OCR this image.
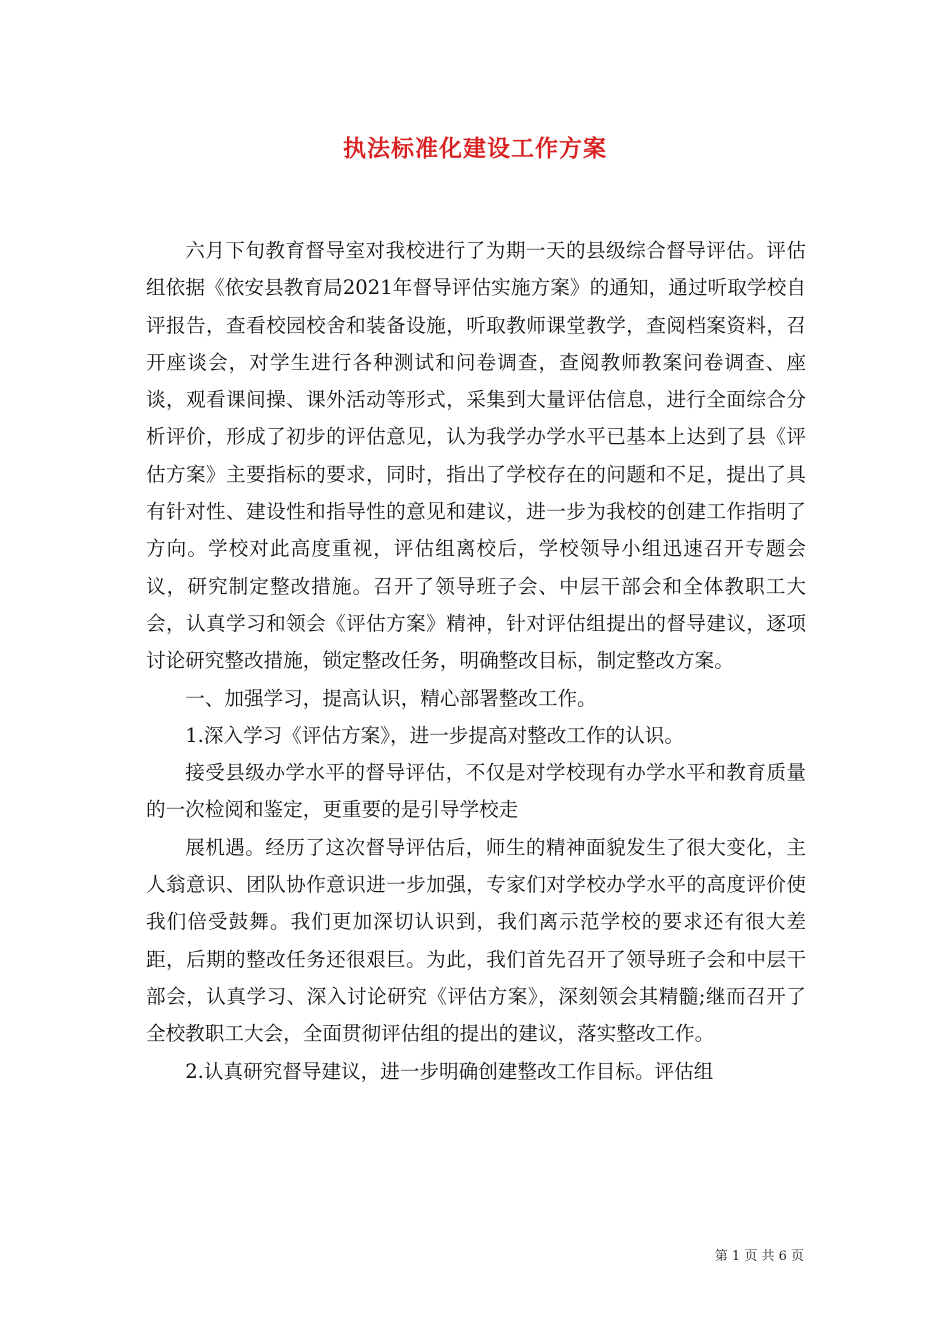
执法标准化建设工作方案

六月下旬教育督导室对我校进行了为期一天的县级综合督导评估。评估组依据《依安县教育局2021年督导评估实施方案》的通知，通过听取学校自评报告，查看校园校舍和装备设施，听取教师课堂教学，查阅档案资料，召开座谈会，对学生进行各种测试和问卷调查，查阅教师教案问卷调查、座谈，观看课间操、课外活动等形式，采集到大量评估信息，进行全面综合分析评价，形成了初步的评估意见，认为我学办学水平已基本上达到了县《评估方案》主要指标的要求，同时，指出了学校存在的问题和不足，提出了具有针对性、建设性和指导性的意见和建议，进一步为我校的创建工作指明了方向。学校对此高度重视，评估组离校后，学校领导小组迅速召开专题会议，研究制定整改措施。召开了领导班子会、中层干部会和全体教职工大会，认真学习和领会《评估方案》精神，针对评估组提出的督导建议，逐项讨论研究整改措施，锁定整改任务，明确整改目标，制定整改方案。

一、加强学习，提高认识，精心部署整改工作。

1.深入学习《评估方案》，进一步提高对整改工作的认识。

接受县级办学水平的督导评估，不仅是对学校现有办学水平和教育质量的一次检阅和鉴定，更重要的是引导学校走

展机遇。经历了这次督导评估后，师生的精神面貌发生了很大变化，主人翁意识、团队协作意识进一步加强，专家们对学校办学水平的高度评价使我们倍受鼓舞。我们更加深切认识到，我们离示范学校的要求还有很大差距，后期的整改任务还很艰巨。为此，我们首先召开了领导班子会和中层干部会，认真学习、深入讨论研究《评估方案》，深刻领会其精髓;继而召开了全校教职工大会，全面贯彻评估组的提出的建议，落实整改工作。

2.认真研究督导建议，进一步明确创建整改工作目标。评估组

第 1 页 共 6 页
